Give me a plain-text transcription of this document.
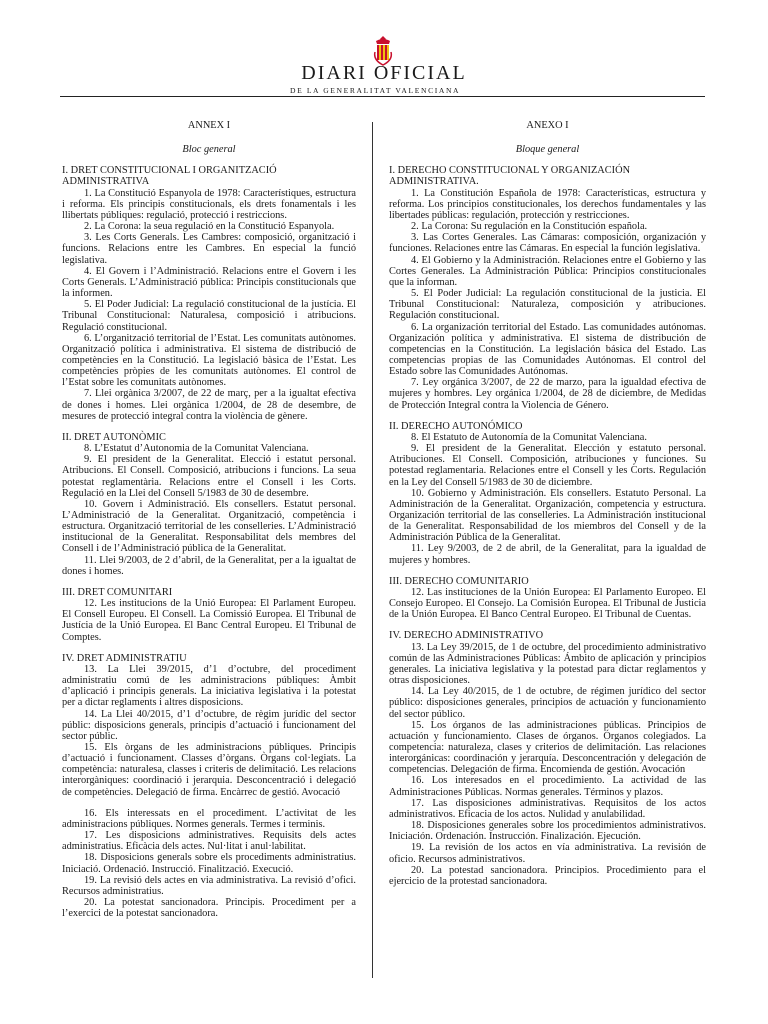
DIARI OFICIAL
DE LA GENERALITAT VALENCIANA
ANNEX I
Bloc general
I. DRET CONSTITUCIONAL I ORGANITZACIÓ ADMINISTRATIVA
1. La Constitució Espanyola de 1978: Característiques, estructura i reforma. Els principis constitucionals, els drets fonamentals i les llibertats públiques: regulació, protecció i restriccions.
2. La Corona: la seua regulació en la Constitució Espanyola.
3. Les Corts Generals. Les Cambres: composició, organització i funcions. Relacions entre les Cambres. En especial la funció legislativa.
4. El Govern i l’Administració. Relacions entre el Govern i les Corts Generals. L’Administració pública: Principis constitucionals que la informen.
5. El Poder Judicial: La regulació constitucional de la justícia. El Tribunal Constitucional: Naturalesa, composició i atribucions. Regulació constitucional.
6. L’organització territorial de l’Estat. Les comunitats autònomes. Organització política i administrativa. El sistema de distribució de competències en la Constitució. La legislació bàsica de l’Estat. Les competències pròpies de les comunitats autònomes. El control de l’Estat sobre les comunitats autònomes.
7. Llei orgànica 3/2007, de 22 de març, per a la igualtat efectiva de dones i homes. Llei orgànica 1/2004, de 28 de desembre, de mesures de protecció integral contra la violència de gènere.
II. DRET AUTONÒMIC
8. L’Estatut d’Autonomia de la Comunitat Valenciana.
9. El president de la Generalitat. Elecció i estatut personal. Atribucions. El Consell. Composició, atribucions i funcions. La seua potestat reglamentària. Relacions entre el Consell i les Corts. Regulació en la Llei del Consell 5/1983 de 30 de desembre.
10. Govern i Administració. Els consellers. Estatut personal. L’Administració de la Generalitat. Organització, competència i estructura. Organització territorial de les conselleries. L’Administració institucional de la Generalitat. Responsabilitat dels membres del Consell i de l’Administració pública de la Generalitat.
11. Llei 9/2003, de 2 d’abril, de la Generalitat, per a la igualtat de dones i homes.
III. DRET COMUNITARI
12. Les institucions de la Unió Europea: El Parlament Europeu. El Consell Europeu. El Consell. La Comissió Europea. El Tribunal de Justícia de la Unió Europea. El Banc Central Europeu. El Tribunal de Comptes.
IV. DRET ADMINISTRATIU
13. La Llei 39/2015, d’1 d’octubre, del procediment administratiu comú de les administracions públiques: Àmbit d’aplicació i principis generals. La iniciativa legislativa i la potestat per a dictar reglaments i altres disposicions.
14. La Llei 40/2015, d’1 d’octubre, de règim jurídic del sector públic: disposicions generals, principis d’actuació i funcionament del sector públic.
15. Els òrgans de les administracions públiques. Principis d’actuació i funcionament. Classes d’òrgans. Òrgans col·legiats. La competència: naturalesa, classes i criteris de delimitació. Les relacions interorgàniques: coordinació i jerarquia. Desconcentració i delegació de competències. Delegació de firma. Encàrrec de gestió. Avocació
16. Els interessats en el procediment. L’activitat de les administracions públiques. Normes generals. Termes i terminis.
17. Les disposicions administratives. Requisits dels actes administratius. Eficàcia dels actes. Nul·litat i anul·labilitat.
18. Disposicions generals sobre els procediments administratius. Iniciació. Ordenació. Instrucció. Finalització. Execució.
19. La revisió dels actes en via administrativa. La revisió d’ofici. Recursos administratius.
20. La potestat sancionadora. Principis. Procediment per a l’exercici de la potestat sancionadora.
ANEXO I
Bloque general
I. DERECHO CONSTITUCIONAL Y ORGANIZACIÓN ADMINISTRATIVA.
1. La Constitución Española de 1978: Características, estructura y reforma. Los principios constitucionales, los derechos fundamentales y las libertades públicas: regulación, protección y restricciones.
2. La Corona: Su regulación en la Constitución española.
3. Las Cortes Generales. Las Cámaras: composición, organización y funciones. Relaciones entre las Cámaras. En especial la función legislativa.
4. El Gobierno y la Administración. Relaciones entre el Gobierno y las Cortes Generales. La Administración Pública: Principios constitucionales que la informan.
5. El Poder Judicial: La regulación constitucional de la justicia. El Tribunal Constitucional: Naturaleza, composición y atribuciones. Regulación constitucional.
6. La organización territorial del Estado. Las comunidades autónomas. Organización política y administrativa. El sistema de distribución de competencias en la Constitución. La legislación básica del Estado. Las competencias propias de las Comunidades Autónomas. El control del Estado sobre las Comunidades Autónomas.
7. Ley orgánica 3/2007, de 22 de marzo, para la igualdad efectiva de mujeres y hombres. Ley orgánica 1/2004, de 28 de diciembre, de Medidas de Protección Integral contra la Violencia de Género.
II. DERECHO AUTONÓMICO
8. El Estatuto de Autonomía de la Comunitat Valenciana.
9. El president de la Generalitat. Elección y estatuto personal. Atribuciones. El Consell. Composición, atribuciones y funciones. Su potestad reglamentaria. Relaciones entre el Consell y les Corts. Regulación en la Ley del Consell 5/1983 de 30 de diciembre.
10. Gobierno y Administración. Els consellers. Estatuto Personal. La Administración de la Generalitat. Organización, competencia y estructura. Organización territorial de las conselleries. La Administración institucional de la Generalitat. Responsabilidad de los miembros del Consell y de la Administración Pública de la Generalitat.
11. Ley 9/2003, de 2 de abril, de la Generalitat, para la igualdad de mujeres y hombres.
III. DERECHO COMUNITARIO
12. Las instituciones de la Unión Europea: El Parlamento Europeo. El Consejo Europeo. El Consejo. La Comisión Europea. El Tribunal de Justicia de la Unión Europea. El Banco Central Europeo. El Tribunal de Cuentas.
IV. DERECHO ADMINISTRATIVO
13. La Ley 39/2015, de 1 de octubre, del procedimiento administrativo común de las Administraciones Públicas: Ámbito de aplicación y principios generales. La iniciativa legislativa y la potestad para dictar reglamentos y otras disposiciones.
14. La Ley 40/2015, de 1 de octubre, de régimen jurídico del sector público: disposiciones generales, principios de actuación y funcionamiento del sector público.
15. Los órganos de las administraciones públicas. Principios de actuación y funcionamiento. Clases de órganos. Órganos colegiados. La competencia: naturaleza, clases y criterios de delimitación. Las relaciones interorgánicas: coordinación y jerarquía. Desconcentración y delegación de competencias. Delegación de firma. Encomienda de gestión. Avocación
16. Los interesados en el procedimiento. La actividad de las Administraciones Públicas. Normas generales. Términos y plazos.
17. Las disposiciones administrativas. Requisitos de los actos administrativos. Eficacia de los actos. Nulidad y anulabilidad.
18. Disposiciones generales sobre los procedimientos administrativos. Iniciación. Ordenación. Instrucción. Finalización. Ejecución.
19. La revisión de los actos en vía administrativa. La revisión de oficio. Recursos administrativos.
20. La potestad sancionadora. Principios. Procedimiento para el ejercicio de la protestad sancionadora.
